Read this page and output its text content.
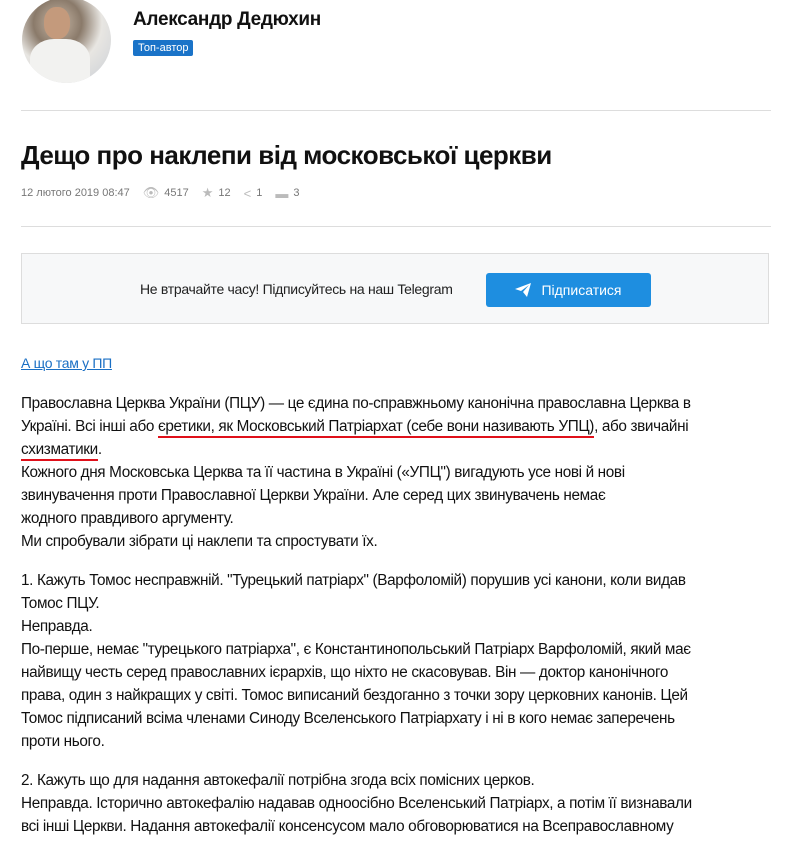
Александр Дедюхин
Топ-автор
Дещо про наклепи від московської церкви
12 лютого 2019 08:47 👁 4517 ★ 12 < 1 ▬ 3
Не втрачайте часу! Підписуйтесь на наш Telegram	Підписатися
А що там у ПП

Православна Церква України (ПЦУ) — це єдина по-справжньому канонічна православна Церква в
Україні. Всі інші або єретики, як Московський Патріархат (себе вони називають УПЦ), або звичайні
схизматики.
Кожного дня Московська Церква та її частина в Україні («УПЦ") вигадують усе нові й нові
звинувачення проти Православної Церкви України. Але серед цих звинувачень немає
жодного правдивого аргументу.
Ми спробували зібрати ці наклепи та спростувати їх.

1. Кажуть Томос несправжній. "Турецький патріарх" (Варфоломій) порушив усі канони, коли видав
Томос ПЦУ.
Неправда.
По-перше, немає "турецького патріарха", є Константинопольський Патріарх Варфоломій, який має
найвищу честь серед православних ієрархів, що ніхто не скасовував. Він — доктор канонічного
права, один з найкращих у світі. Томос виписаний бездоганно з точки зору церковних канонів. Цей
Томос підписаний всіма членами Синоду Вселенського Патріархату і ні в кого немає заперечень
проти нього.

2. Кажуть що для надання автокефалії потрібна згода всіх помісних церков.
Неправда. Історично автокефалію надавав одноосібно Вселенський Патріарх, а потім її визнавали
всі інші Церкви. Надання автокефалії консенсусом мало обговорюватися на Всеправославному
